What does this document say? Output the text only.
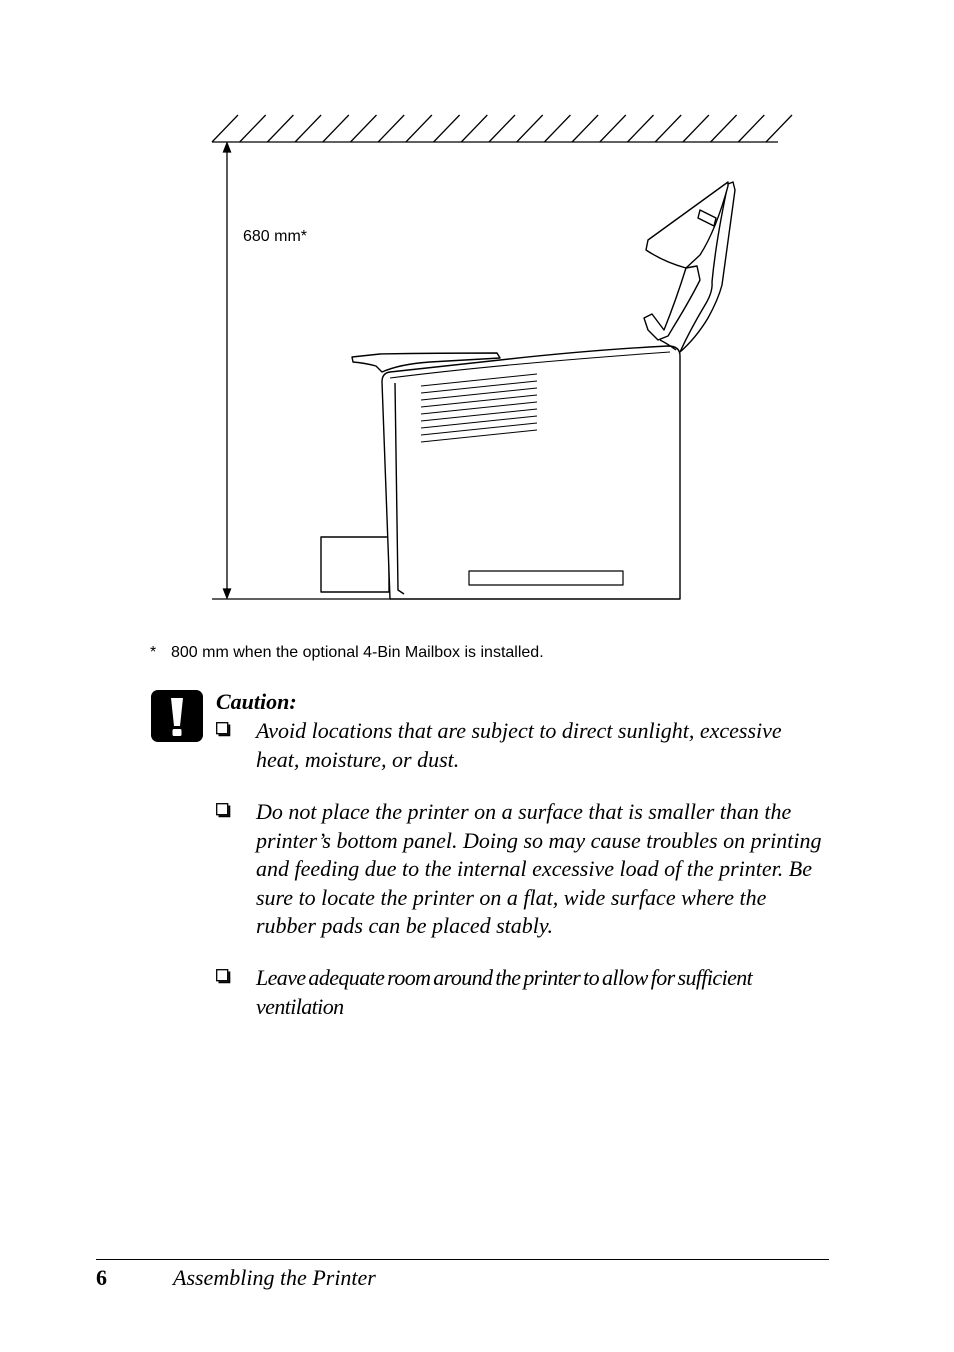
680 mm*
* 800 mm when the optional 4-Bin Mailbox is installed.
Caution:
Avoid locations that are subject to direct sunlight, excessive heat, moisture, or dust.
Do not place the printer on a surface that is smaller than the printer’s bottom panel. Doing so may cause troubles on printing and feeding due to the internal excessive load of the printer. Be sure to locate the printer on a flat, wide surface where the rubber pads can be placed stably.
Leave adequate room around the printer to allow for sufficient ventilation
6	Assembling the Printer
